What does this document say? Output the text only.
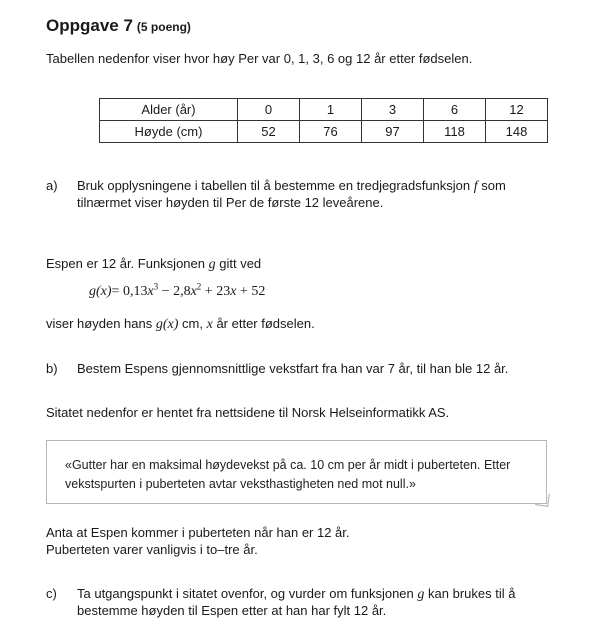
Oppgave 7 (5 poeng)
Tabellen nedenfor viser hvor høy Per var 0, 1, 3, 6 og 12 år etter fødselen.
Alder (år)	0	1	3	6	12
Høyde (cm)	52	76	97	118	148
a) Bruk opplysningene i tabellen til å bestemme en tredjegradsfunksjon f som
tilnærmet viser høyden til Per de første 12 leveårene.
Espen er 12 år. Funksjonen g gitt ved
$g(x)= 0,13x^3 - 2,8x^2 + 23x + 52$
viser høyden hans g(x) cm, x år etter fødselen.
b) Bestem Espens gjennomsnittlige vekstfart fra han var 7 år, til han ble 12 år.
Sitatet nedenfor er hentet fra nettsidene til Norsk Helseinformatikk AS.
«Gutter har en maksimal høydevekst på ca. 10 cm per år midt i puberteten. Etter
vekstspurten i puberteten avtar veksthastigheten ned mot null.»
Anta at Espen kommer i puberteten når han er 12 år.
Puberteten varer vanligvis i to–tre år.
c) Ta utgangspunkt i sitatet ovenfor, og vurder om funksjonen g kan brukes til å
bestemme høyden til Espen etter at han har fylt 12 år.
